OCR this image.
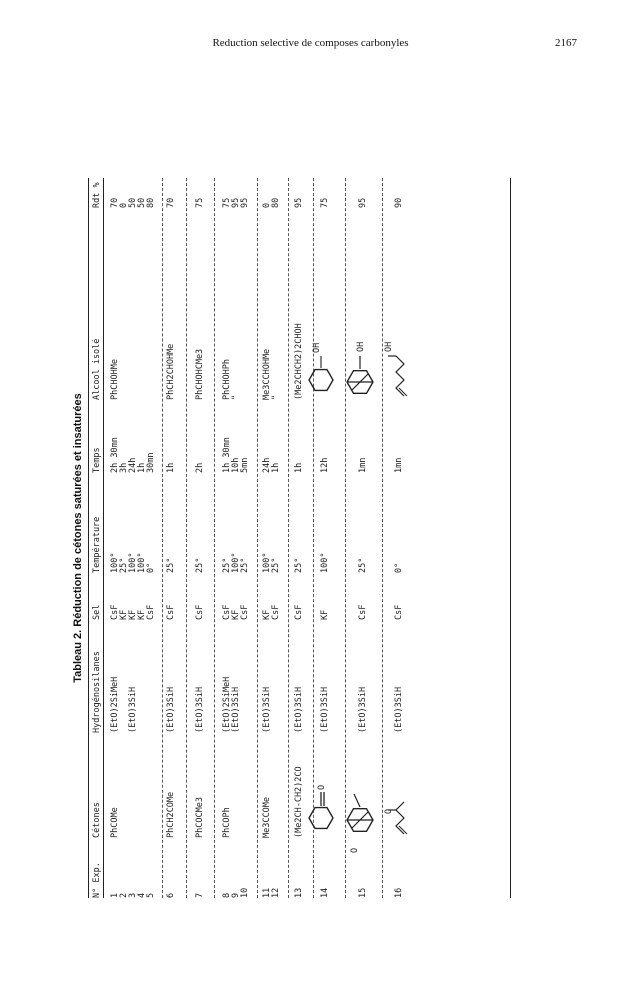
Reduction selective de composes carbonyles	2167
Tableau 2. Réduction de cétones saturées et insaturées
N° Exp.
Cétones
Hydrogénosilanes
Sel
Température
Temps
Alcool isolé
Rdt %
1
PhCOMe
(EtO)2SiMeH
CsF
100°
2h 30mn
PhCHOHMe
70
2
KF
25°
3h
0
3
(EtO)3SiH
KF
100°
24h
50
4
KF
100°
1h
50
5
CsF
0°
30mn
80
6
PhCH2COMe
(EtO)3SiH
CsF
25°
1h
PhCH2CHOHMe
70
7
PhCOCMe3
(EtO)3SiH
CsF
25°
2h
PhCHOHCMe3
75
8
PhCOPh
(EtO)2SiMeH
CsF
25°
1h 30mn
PhCHOHPh
75
9
(EtO)3SiH
KF
100°
10h
"
95
10
CsF
25°
5mn
95
11
Me3CCOMe
(EtO)3SiH
KF
100°
24h
Me3CCHOHMe
0
12
CsF
25°
1h
"
80
13
(Me2CH-CH2)2CO
(EtO)3SiH
CsF
25°
1h
(Me2CHCH2)2CHOH
95
14
(EtO)3SiH
KF
100°
12h
75
15
(EtO)3SiH
CsF
25°
1mn
95
16
(EtO)3SiH
CsF
0°
1mn
90
O
OH
O
OH
O
OH
